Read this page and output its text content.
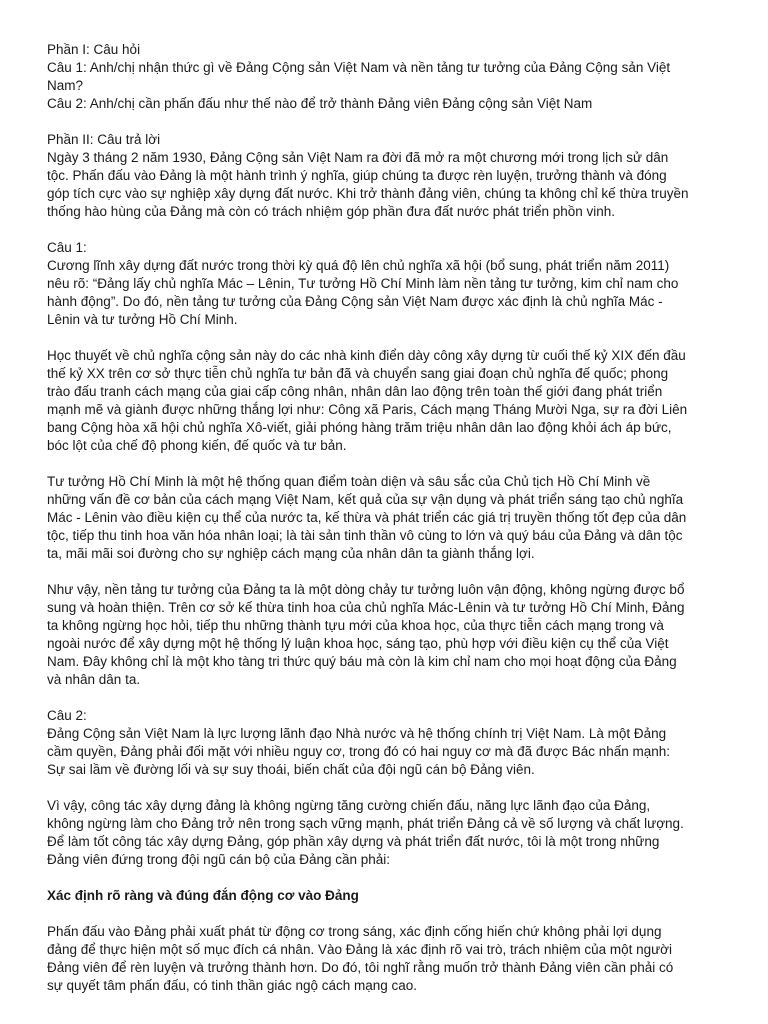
Phần I: Câu hỏi
Câu 1: Anh/chị nhận thức gì về Đảng Cộng sản Việt Nam và nền tảng tư tưởng của Đảng Cộng sản Việt
Nam?
Câu 2: Anh/chị cần phấn đấu như thế nào để trở thành Đảng viên Đảng cộng sản Việt Nam
Phần II: Câu trả lời
Ngày 3 tháng 2 năm 1930, Đảng Cộng sản Việt Nam ra đời đã mở ra một chương mới trong lịch sử dân
tộc. Phấn đấu vào Đảng là một hành trình ý nghĩa, giúp chúng ta được rèn luyện, trưởng thành và đóng
góp tích cực vào sự nghiệp xây dựng đất nước. Khi trở thành đảng viên, chúng ta không chỉ kế thừa truyền
thống hào hùng của Đảng mà còn có trách nhiệm góp phần đưa đất nước phát triển phồn vinh.
Câu 1:
Cương lĩnh xây dựng đất nước trong thời kỳ quá độ lên chủ nghĩa xã hội (bổ sung, phát triển năm 2011)
nêu rõ: “Đảng lấy chủ nghĩa Mác – Lênin, Tư tưởng Hồ Chí Minh làm nền tảng tư tưởng, kim chỉ nam cho
hành động”. Do đó, nền tảng tư tưởng của Đảng Cộng sản Việt Nam được xác định là chủ nghĩa Mác -
Lênin và tư tưởng Hồ Chí Minh.
Học thuyết về chủ nghĩa cộng sản này do các nhà kinh điển dày công xây dựng từ cuối thế kỷ XIX đến đầu
thế kỷ XX trên cơ sở thực tiễn chủ nghĩa tư bản đã và chuyển sang giai đoạn chủ nghĩa đế quốc; phong
trào đấu tranh cách mạng của giai cấp công nhân, nhân dân lao động trên toàn thế giới đang phát triển
mạnh mẽ và giành được những thắng lợi như: Công xã Paris, Cách mạng Tháng Mười Nga, sự ra đời Liên
bang Cộng hòa xã hội chủ nghĩa Xô-viết, giải phóng hàng trăm triệu nhân dân lao động khỏi ách áp bức,
bóc lột của chế độ phong kiến, đế quốc và tư bản.
Tư tưởng Hồ Chí Minh là một hệ thống quan điểm toàn diện và sâu sắc của Chủ tịch Hồ Chí Minh về
những vấn đề cơ bản của cách mạng Việt Nam, kết quả của sự vận dụng và phát triển sáng tạo chủ nghĩa
Mác - Lênin vào điều kiện cụ thể của nước ta, kế thừa và phát triển các giá trị truyền thống tốt đẹp của dân
tộc, tiếp thu tinh hoa văn hóa nhân loại; là tài sản tinh thần vô cùng to lớn và quý báu của Đảng và dân tộc
ta, mãi mãi soi đường cho sự nghiệp cách mạng của nhân dân ta giành thắng lợi.
Như vậy, nền tảng tư tưởng của Đảng ta là một dòng chảy tư tưởng luôn vận động, không ngừng được bổ
sung và hoàn thiện. Trên cơ sở kế thừa tinh hoa của chủ nghĩa Mác-Lênin và tư tưởng Hồ Chí Minh, Đảng
ta không ngừng học hỏi, tiếp thu những thành tựu mới của khoa học, của thực tiễn cách mạng trong và
ngoài nước để xây dựng một hệ thống lý luận khoa học, sáng tạo, phù hợp với điều kiện cụ thể của Việt
Nam. Đây không chỉ là một kho tàng tri thức quý báu mà còn là kim chỉ nam cho mọi hoạt động của Đảng
và nhân dân ta.
Câu 2:
Đảng Cộng sản Việt Nam là lực lượng lãnh đạo Nhà nước và hệ thống chính trị Việt Nam. Là một Đảng
cầm quyền, Đảng phải đối mặt với nhiều nguy cơ, trong đó có hai nguy cơ mà đã được Bác nhấn mạnh:
Sự sai lầm về đường lối và sự suy thoái, biến chất của đội ngũ cán bộ Đảng viên.
Vì vậy, công tác xây dựng đảng là không ngừng tăng cường chiến đấu, năng lực lãnh đạo của Đảng,
không ngừng làm cho Đảng trở nên trong sạch vững mạnh, phát triển Đảng cả về số lượng và chất lượng.
Để làm tốt công tác xây dựng Đảng, góp phần xây dựng và phát triển đất nước, tôi là một trong những
Đảng viên đứng trong đội ngũ cán bộ của Đảng cần phải:
Xác định rõ ràng và đúng đắn động cơ vào Đảng
Phấn đấu vào Đảng phải xuất phát từ động cơ trong sáng, xác định cống hiến chứ không phải lợi dụng
đảng để thực hiện một số mục đích cá nhân. Vào Đảng là xác định rõ vai trò, trách nhiệm của một người
Đảng viên để rèn luyện và trưởng thành hơn. Do đó, tôi nghĩ rằng muốn trở thành Đảng viên cần phải có
sự quyết tâm phấn đấu, có tinh thần giác ngộ cách mạng cao.
